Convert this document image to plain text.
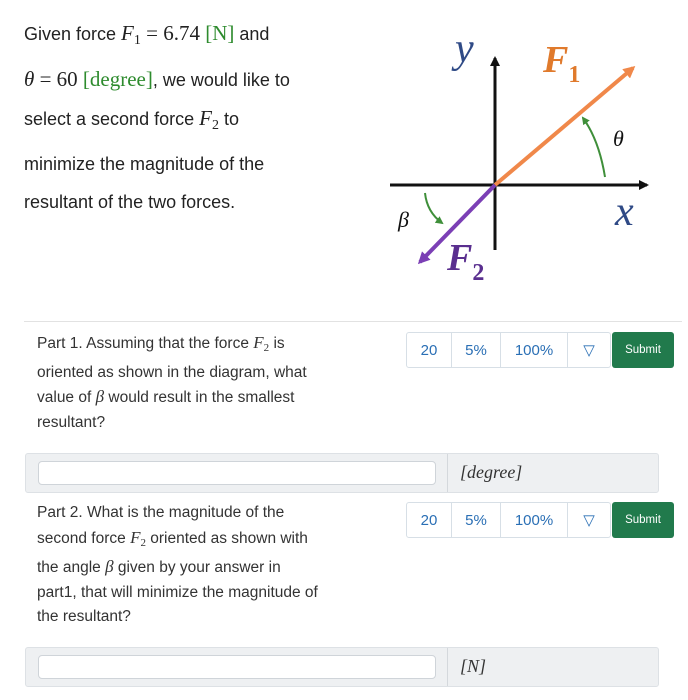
Given force $F_1 = 6.74$ [N] and
θ = 60 [degree], we would like to
select a second force $F_2$ to
minimize the magnitude of the
resultant of the two forces.
y
x
$F_1$
$F_2$
θ
β
Part 1. Assuming that the force F2 is
oriented as shown in the diagram, what
value of β would result in the smallest
resultant?
20	5%	100%	▽	Submit
[degree]
Part 2. What is the magnitude of the
second force F2 oriented as shown with
the angle β given by your answer in
part1, that will minimize the magnitude of
the resultant?
20	5%	100%	▽	Submit
[N]
